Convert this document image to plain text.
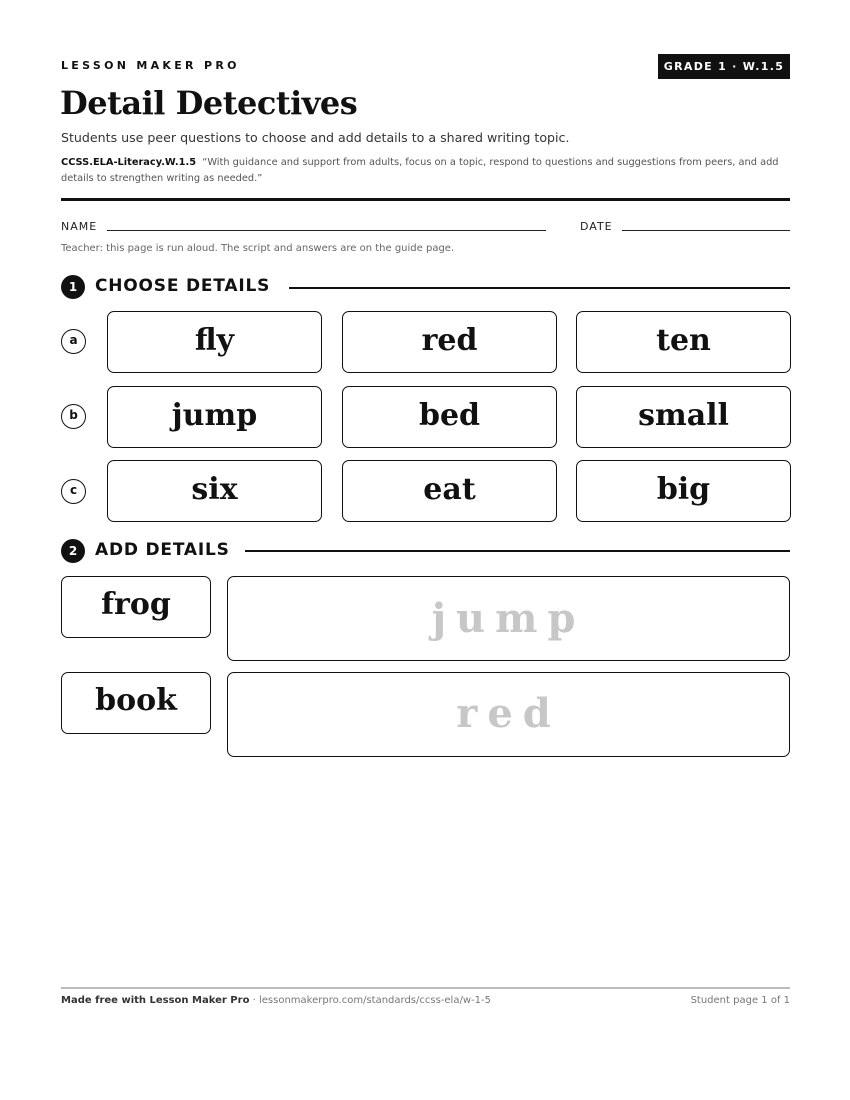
LESSON MAKER PRO	GRADE 1 · W.1.5
Detail Detectives
Students use peer questions to choose and add details to a shared writing topic.
CCSS.ELA-Literacy.W.1.5 “With guidance and support from adults, focus on a topic, respond to questions and suggestions from peers, and add details to strengthen writing as needed.”
NAME	DATE
Teacher: this page is run aloud. The script and answers are on the guide page.
1	CHOOSE DETAILS
a	fly	red	ten
b	jump	bed	small
c	six	eat	big
2	ADD DETAILS
frog	jump
book	red
Made free with Lesson Maker Pro · lessonmakerpro.com/standards/ccss-ela/w-1-5	Student page 1 of 1
